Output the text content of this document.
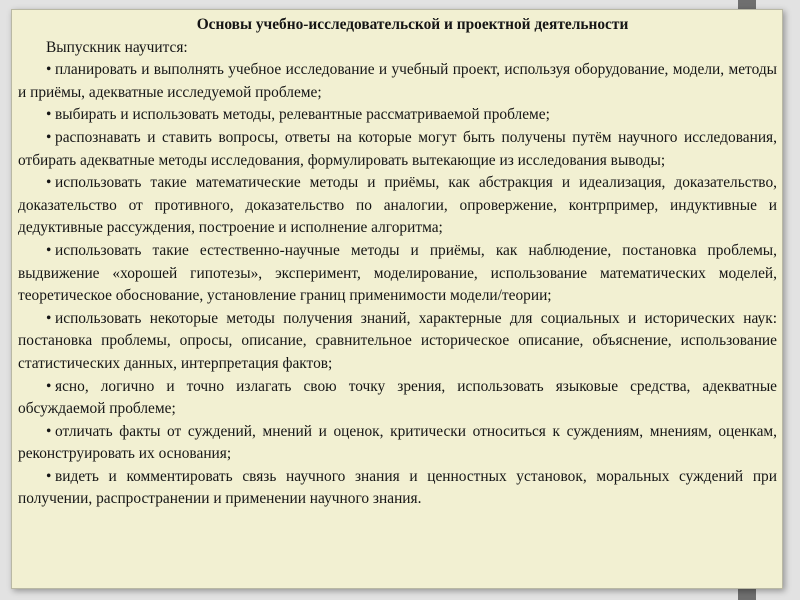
Основы учебно-исследовательской и проектной деятельности

Выпускник научится:

• планировать и выполнять учебное исследование и учебный проект, используя оборудование, модели, методы и приёмы, адекватные исследуемой проблеме;

• выбирать и использовать методы, релевантные рассматриваемой проблеме;

• распознавать и ставить вопросы, ответы на которые могут быть получены путём научного исследования, отбирать адекватные методы исследования, формулировать вытекающие из исследования выводы;

• использовать такие математические методы и приёмы, как абстракция и идеализация, доказательство, доказательство от противного, доказательство по аналогии, опровержение, контрпример, индуктивные и дедуктивные рассуждения, построение и исполнение алгоритма;

• использовать такие естественно-научные методы и приёмы, как наблюдение, постановка проблемы, выдвижение «хорошей гипотезы», эксперимент, моделирование, использование математических моделей, теоретическое обоснование, установление границ применимости модели/теории;

• использовать некоторые методы получения знаний, характерные для социальных и исторических наук: постановка проблемы, опросы, описание, сравнительное историческое описание, объяснение, использование статистических данных, интерпретация фактов;

• ясно, логично и точно излагать свою точку зрения, использовать языковые средства, адекватные обсуждаемой проблеме;

• отличать факты от суждений, мнений и оценок, критически относиться к суждениям, мнениям, оценкам, реконструировать их основания;

• видеть и комментировать связь научного знания и ценностных установок, моральных суждений при получении, распространении и применении научного знания.
